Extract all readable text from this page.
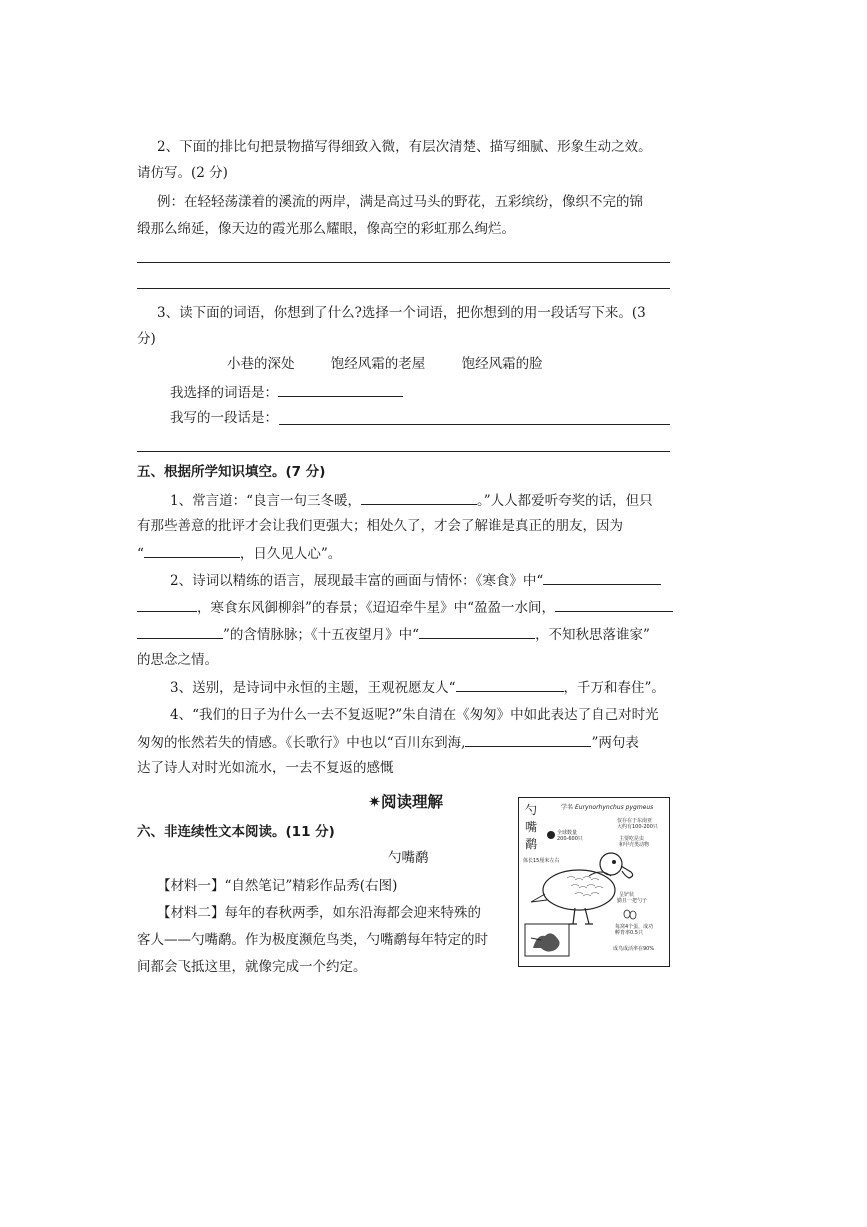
2、下面的排比句把景物描写得细致入微，有层次清楚、描写细腻、形象生动之效。
请仿写。(2 分)
例：在轻轻荡漾着的溪流的两岸，满是高过马头的野花，五彩缤纷，像织不完的锦
缎那么绵延，像天边的霞光那么耀眼，像高空的彩虹那么绚烂。
3、读下面的词语，你想到了什么?选择一个词语，把你想到的用一段话写下来。(3
分)
小巷的深处	饱经风霜的老屋	饱经风霜的脸
我选择的词语是：
我写的一段话是：
五、根据所学知识填空。(7 分)
1、常言道：“良言一句三冬暖，	。”人人都爱听夸奖的话，但只
有那些善意的批评才会让我们更强大；相处久了，才会了解谁是真正的朋友，因为
“	，日久见人心”。
2、诗词以精练的语言，展现最丰富的画面与情怀：《寒食》中“
，寒食东风御柳斜”的春景；《迢迢牵牛星》中“盈盈一水间，
”的含情脉脉；《十五夜望月》中“	，不知秋思落谁家”
的思念之情。
3、送别，是诗词中永恒的主题，王观祝愿友人“	，千万和春住”。
4、“我们的日子为什么一去不复返呢?”朱自清在《匆匆》中如此表达了自己对时光
匆匆的怅然若失的情感。《长歌行》中也以“百川东到海,	”两句表
达了诗人对时光如流水，一去不复返的感慨
✷阅读理解
六、非连续性文本阅读。(11 分)
勺嘴鹬
【材料一】“自然笔记”精彩作品秀(右图)
【材料二】每年的春秋两季，如东沿海都会迎来特殊的
客人——勺嘴鹬。作为极度濒危鸟类，勺嘴鹬每年特定的时
间都会飞抵这里，就像完成一个约定。
勺
嘴
鹬
学名 Eurynorhynchus pygmeus
仅存在于东南亚
大约有100-200只
主要吃昆虫
和甲壳类动物
全球数量
200-600只
体长15厘米左右
呈铲状
勤且一把勺子
每窝4个蛋，成功
孵育率0.5只
成鸟成活率在90%
